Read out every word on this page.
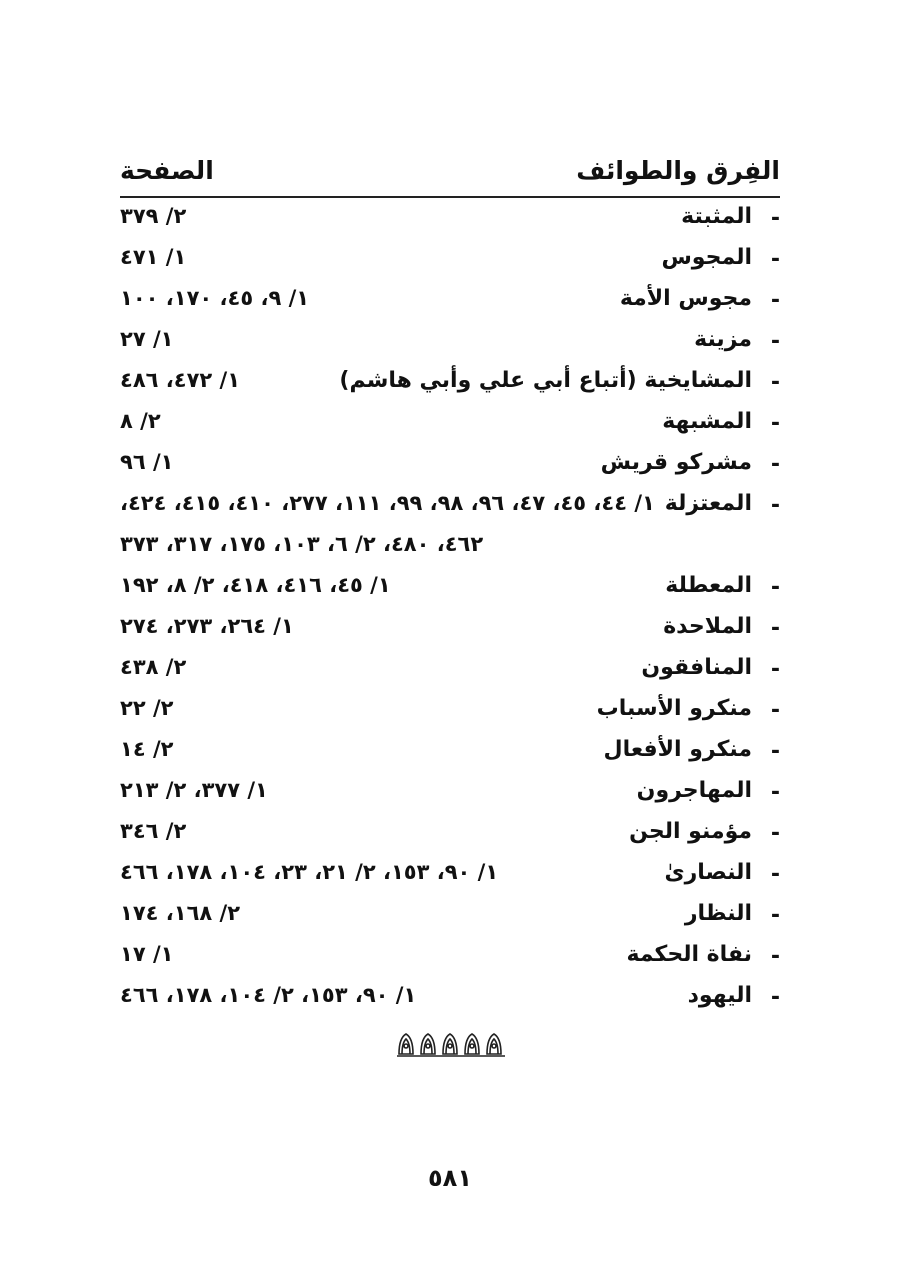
الفِرق والطوائف
الصفحة
-
المثبتة
٢/ ٣٧٩
-
المجوس
١/ ٤٧١
-
مجوس الأمة
١/ ٩، ٤٥، ١٧٠، ١٠٠
-
مزينة
١/ ٢٧
-
المشايخية (أتباع أبي علي وأبي هاشم)
١/ ٤٧٢، ٤٨٦
-
المشبهة
٢/ ٨
-
مشركو قريش
١/ ٩٦
-
المعتزلة
١/ ٤٤، ٤٥، ٤٧، ٩٦، ٩٨، ٩٩، ١١١، ٢٧٧، ٤١٠، ٤١٥، ٤٢٤،
٤٦٢، ٤٨٠، ٢/ ٦، ١٠٣، ١٧٥، ٣١٧، ٣٧٣
-
المعطلة
١/ ٤٥، ٤١٦، ٤١٨، ٢/ ٨، ١٩٢
-
الملاحدة
١/ ٢٦٤، ٢٧٣، ٢٧٤
-
المنافقون
٢/ ٤٣٨
-
منكرو الأسباب
٢/ ٢٢
-
منكرو الأفعال
٢/ ١٤
-
المهاجرون
١/ ٣٧٧، ٢/ ٢١٣
-
مؤمنو الجن
٢/ ٣٤٦
-
النصارىٰ
١/ ٩٠، ١٥٣، ٢/ ٢١، ٢٣، ١٠٤، ١٧٨، ٤٦٦
-
النظار
٢/ ١٦٨، ١٧٤
-
نفاة الحكمة
١/ ١٧
-
اليهود
١/ ٩٠، ١٥٣، ٢/ ١٠٤، ١٧٨، ٤٦٦
٥٨١
